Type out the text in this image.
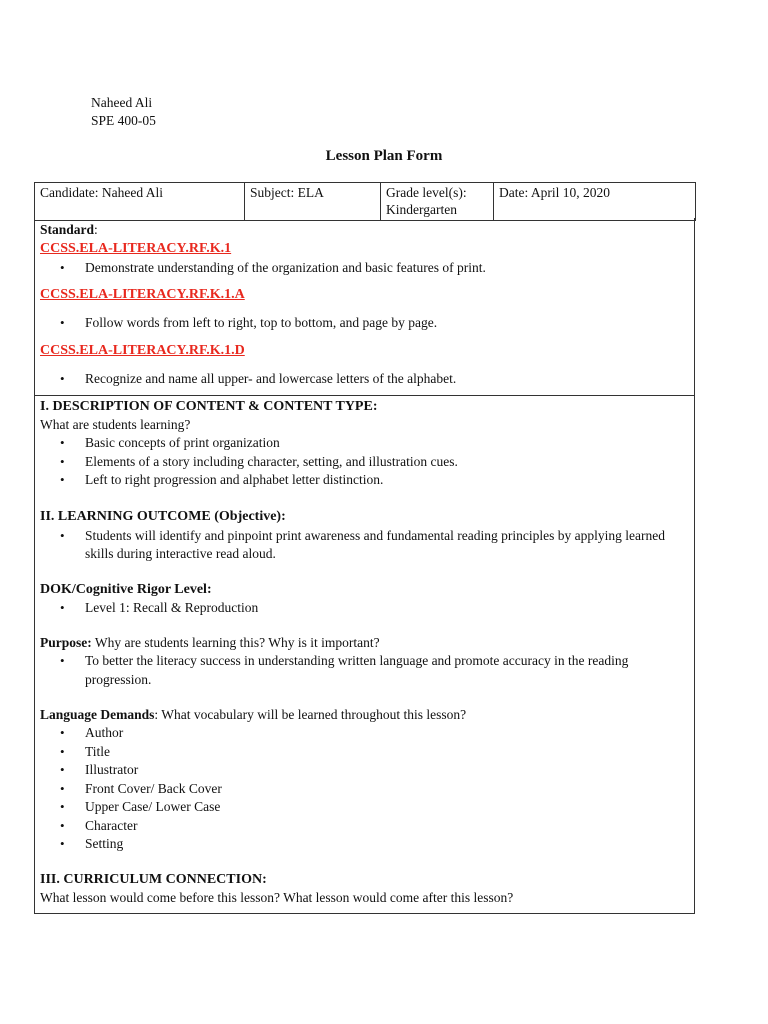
Naheed Ali
SPE 400-05
Lesson Plan Form
Candidate: Naheed Ali	Subject: ELA	Grade level(s): Kindergarten	Date: April 10, 2020
Standard:
CCSS.ELA-LITERACY.RF.K.1
• Demonstrate understanding of the organization and basic features of print.
CCSS.ELA-LITERACY.RF.K.1.A
• Follow words from left to right, top to bottom, and page by page.
CCSS.ELA-LITERACY.RF.K.1.D
• Recognize and name all upper- and lowercase letters of the alphabet.
I. DESCRIPTION OF CONTENT & CONTENT TYPE:
What are students learning?
• Basic concepts of print organization
• Elements of a story including character, setting, and illustration cues.
• Left to right progression and alphabet letter distinction.
II. LEARNING OUTCOME (Objective):
• Students will identify and pinpoint print awareness and fundamental reading principles by applying learned skills during interactive read aloud.
DOK/Cognitive Rigor Level:
• Level 1: Recall & Reproduction
Purpose: Why are students learning this? Why is it important?
• To better the literacy success in understanding written language and promote accuracy in the reading progression.
Language Demands: What vocabulary will be learned throughout this lesson?
• Author
• Title
• Illustrator
• Front Cover/ Back Cover
• Upper Case/ Lower Case
• Character
• Setting
III. CURRICULUM CONNECTION:
What lesson would come before this lesson? What lesson would come after this lesson?
